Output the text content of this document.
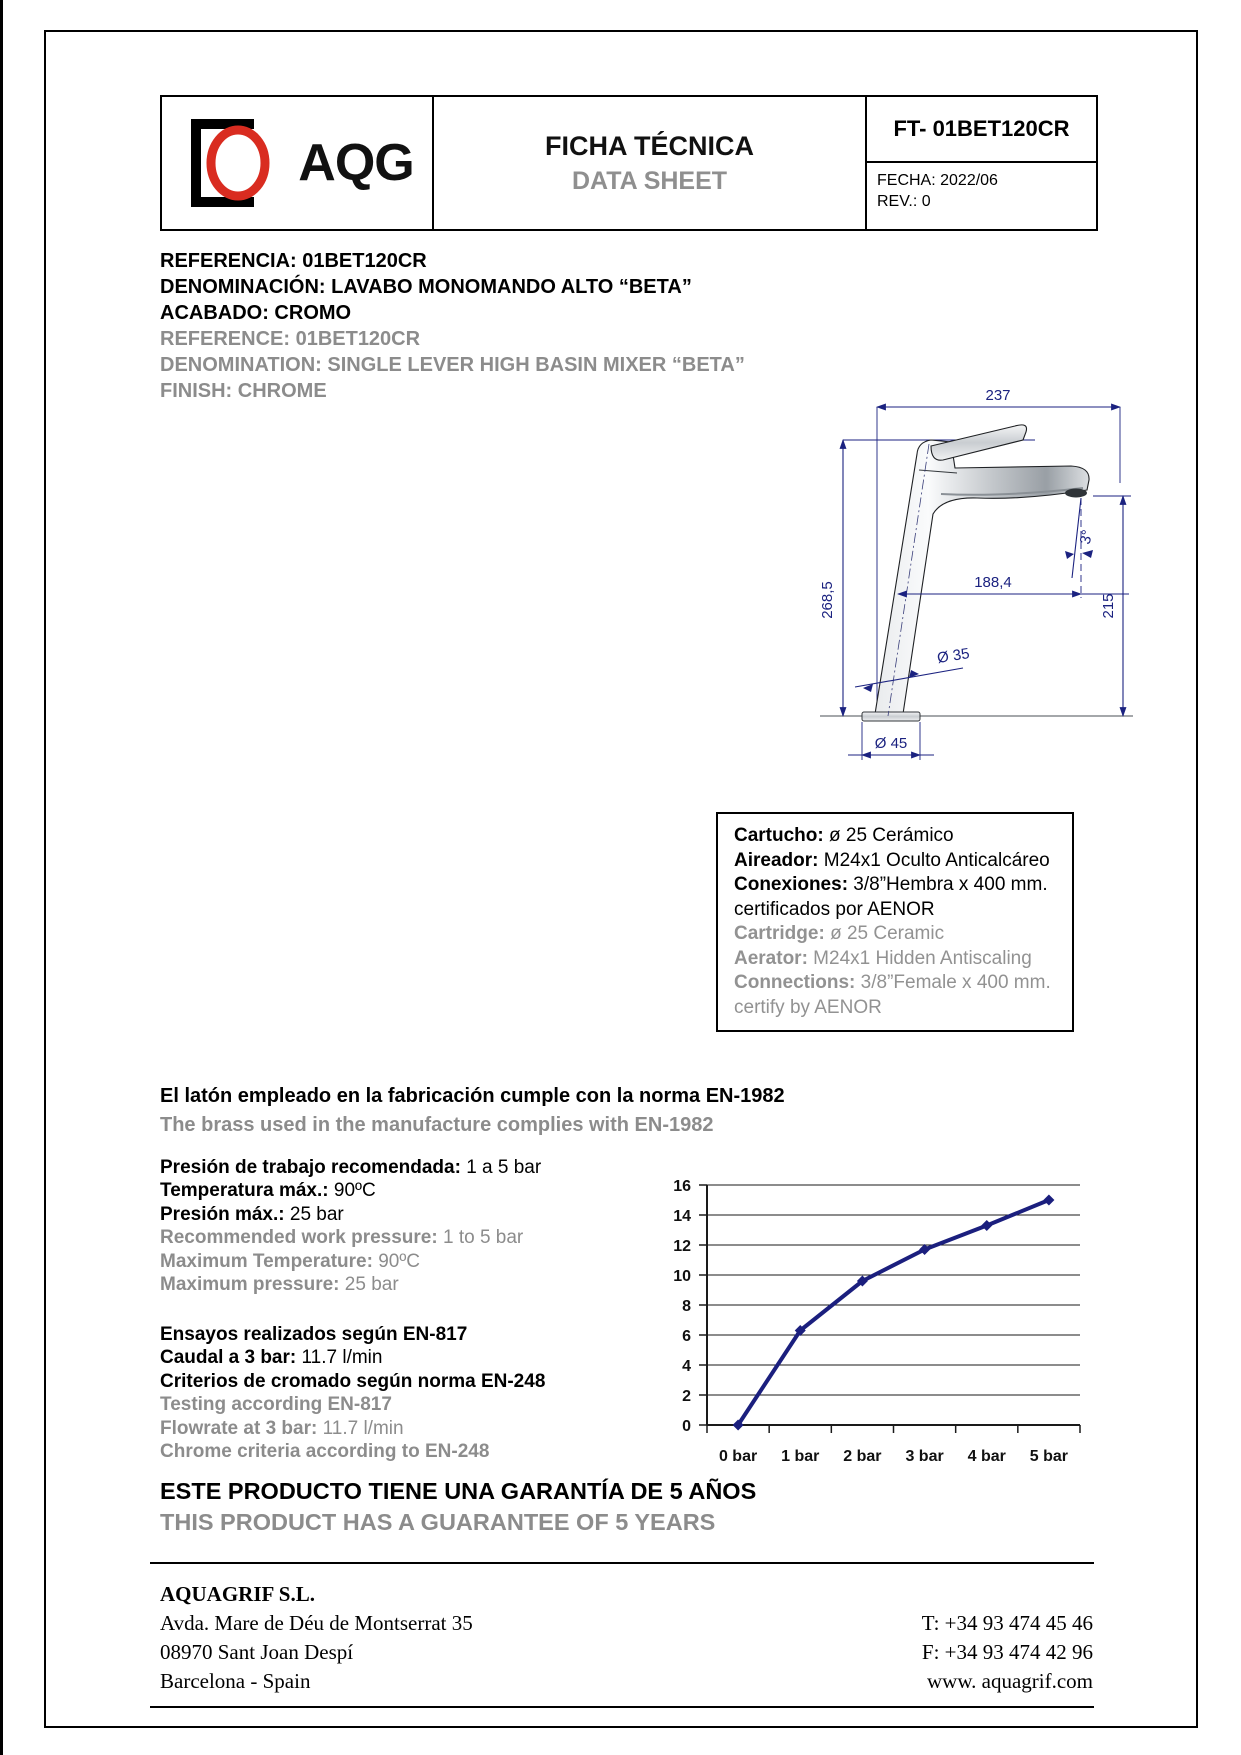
AQG	FICHA TÉCNICA
DATA SHEET
FT- 01BET120CR
FECHA: 2022/06
REV.: 0
REFERENCIA: 01BET120CR
DENOMINACIÓN: LAVABO MONOMANDO ALTO “BETA”
ACABADO: CROMO
REFERENCE: 01BET120CR
DENOMINATION: SINGLE LEVER HIGH BASIN MIXER “BETA”
FINISH: CHROME	237
268,5	188,4
3°
215
Ø 35
Ø 45
Cartucho: ø 25 Cerámico
Aireador: M24x1 Oculto Anticalcáreo
Conexiones: 3/8”Hembra x 400 mm. certificados por AENOR
Cartridge: ø 25 Ceramic
Aerator: M24x1 Hidden Antiscaling
Connections: 3/8”Female x 400 mm. certify by AENOR
El latón empleado en la fabricación cumple con la norma EN-1982
The brass used in the manufacture complies with EN-1982
Presión de trabajo recomendada: 1 a 5 bar
Temperatura máx.: 90ºC
Presión máx.: 25 bar
Recommended work pressure: 1 to 5 bar
Maximum Temperature: 90ºC
Maximum pressure: 25 bar
Ensayos realizados según EN-817
Caudal a 3 bar: 11.7 l/min
Criterios de cromado según norma EN-248
Testing according EN-817
Flowrate at 3 bar: 11.7 l/min
Chrome criteria according to EN-248
0
2
4
6
8
10
12
14
16
0 bar 1 bar 2 bar 3 bar 4 bar 5 bar
ESTE PRODUCTO TIENE UNA GARANTÍA DE 5 AÑOS
THIS PRODUCT HAS A GUARANTEE OF 5 YEARS
AQUAGRIF S.L.
Avda. Mare de Déu de Montserrat 35
08970 Sant Joan Despí
Barcelona - Spain
T: +34 93 474 45 46
F: +34 93 474 42 96
www. aquagrif.com
